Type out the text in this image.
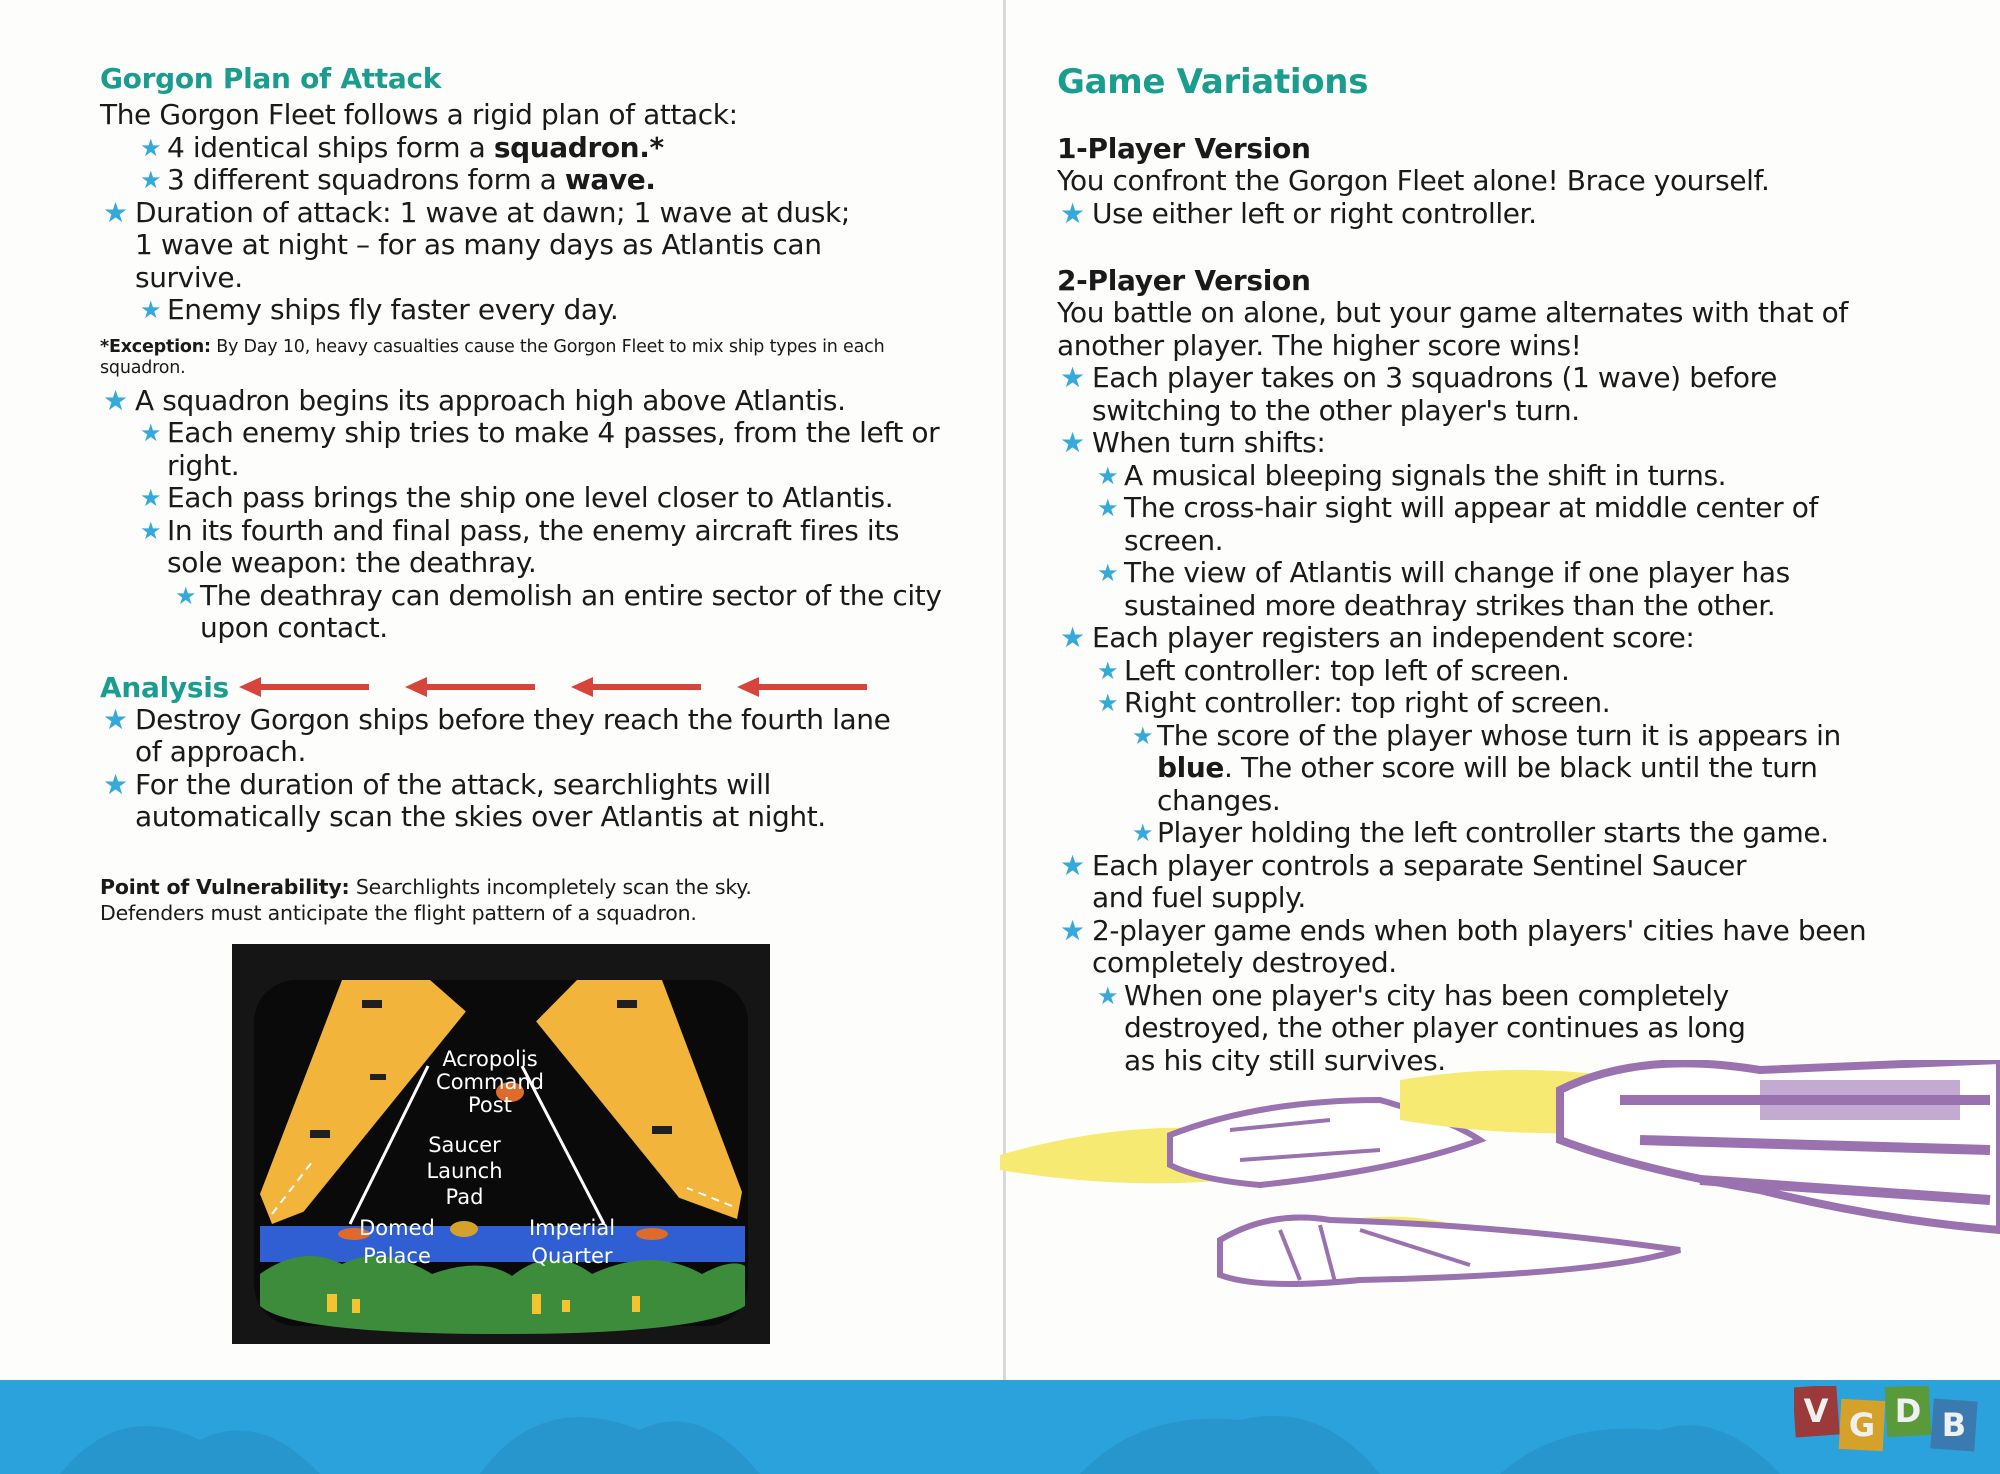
Gorgon Plan of Attack

The Gorgon Fleet follows a rigid plan of attack:

★ 4 identical ships form a squadron.*
★ 3 different squadrons form a wave.
★ Duration of attack: 1 wave at dawn; 1 wave at dusk; 1 wave at night – for as many days as Atlantis can survive.
★ Enemy ships fly faster every day.
*Exception: By Day 10, heavy casualties cause the Gorgon Fleet to mix ship types in each squadron.
★ A squadron begins its approach high above Atlantis.
★ Each enemy ship tries to make 4 passes, from the left or right.
★ Each pass brings the ship one level closer to Atlantis.
★ In its fourth and final pass, the enemy aircraft fires its sole weapon: the deathray.
★ The deathray can demolish an entire sector of the city upon contact.
Analysis
★ Destroy Gorgon ships before they reach the fourth lane of approach.
★ For the duration of the attack, searchlights will automatically scan the skies over Atlantis at night.
Point of Vulnerability: Searchlights incompletely scan the sky.
Defenders must anticipate the flight pattern of a squadron.
Acropolis
Command
Post
Saucer
Launch
Pad
Domed
Palace
Imperial
Quarter
Game Variations
1-Player Version

You confront the Gorgon Fleet alone! Brace yourself.

★ Use either left or right controller.
2-Player Version

You battle on alone, but your game alternates with that of another player. The higher score wins!

★ Each player takes on 3 squadrons (1 wave) before switching to the other player's turn.
★ When turn shifts:
★ A musical bleeping signals the shift in turns.
★ The cross-hair sight will appear at middle center of screen.
★ The view of Atlantis will change if one player has sustained more deathray strikes than the other.
★ Each player registers an independent score:
★ Left controller: top left of screen.
★ Right controller: top right of screen.
★ The score of the player whose turn it is appears in blue. The other score will be black until the turn changes.
★ Player holding the left controller starts the game.
★ Each player controls a separate Sentinel Saucer and fuel supply.
★ 2-player game ends when both players' cities have been completely destroyed.
★ When one player's city has been completely destroyed, the other player continues as long as his city still survives.
V G D B
